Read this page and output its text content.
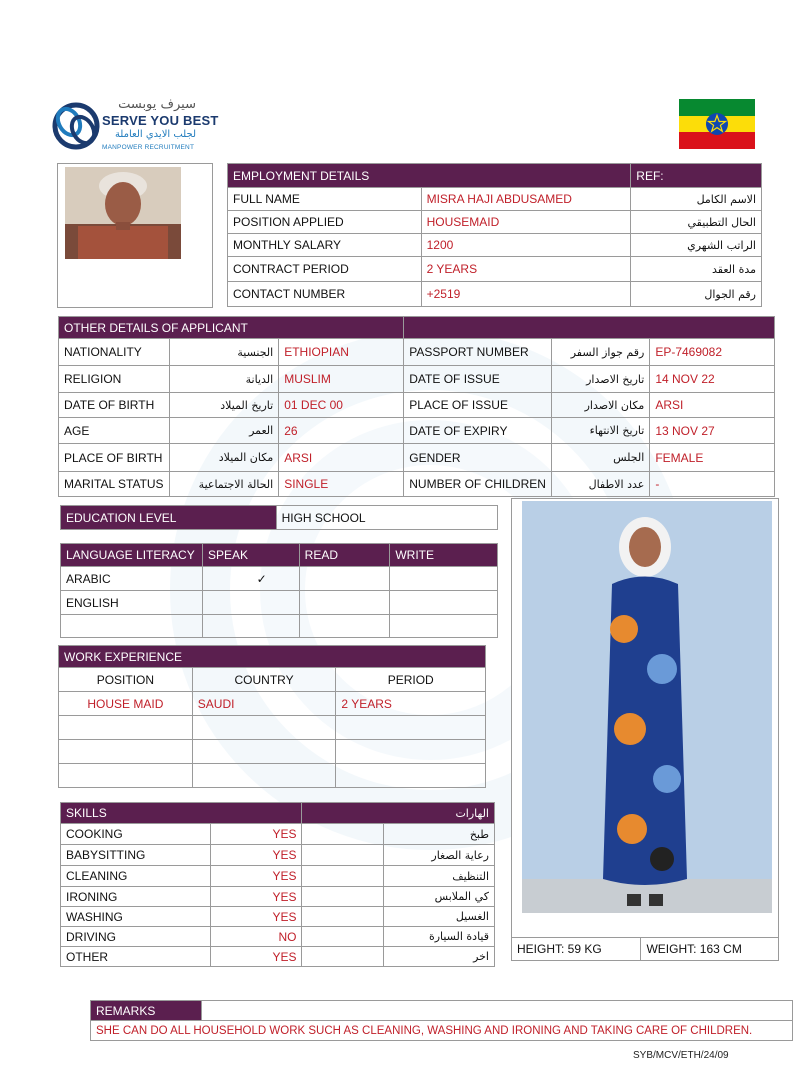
سيرف يوبست
SERVE YOU BEST
لجلب الايدي العاملة
MANPOWER RECRUITMENT
EMPLOYMENT DETAILS		REF:
FULL NAME	MISRA HAJI ABDUSAMED	الاسم الكامل
POSITION APPLIED	HOUSEMAID	الحال التطبيقي
MONTHLY SALARY	1200	الراتب الشهري
CONTRACT PERIOD	2 YEARS	مدة العقد
CONTACT NUMBER	+2519	رقم الجوال
OTHER DETAILS OF APPLICANT					
NATIONALITY	الجنسية	ETHIOPIAN	PASSPORT NUMBER	رقم جواز السفر	EP-7469082
RELIGION	الديانة	MUSLIM	DATE OF ISSUE	تاريخ الاصدار	14 NOV 22
DATE OF BIRTH	تاريخ الميلاد	01 DEC 00	PLACE OF ISSUE	مكان الاصدار	ARSI
AGE	العمر	26	DATE OF EXPIRY	تاريخ الانتهاء	13 NOV 27
PLACE OF BIRTH	مكان الميلاد	ARSI	GENDER	الجلس	FEMALE
MARITAL STATUS	الحالة الاجتماعية	SINGLE	NUMBER OF CHILDREN	عدد الاطفال	-
EDUCATION LEVEL	HIGH SCHOOL
LANGUAGE LITERACY	SPEAK	READ	WRITE
ARABIC	✓		
ENGLISH			

WORK EXPERIENCE		
POSITION	COUNTRY	PERIOD
HOUSE MAID	SAUDI	2 YEARS

SKILLS		الهارات	
COOKING	YES		طبخ
BABYSITTING	YES		رعاية الصغار
CLEANING	YES		التنظيف
IRONING	YES		كي الملابس
WASHING	YES		الغسيل
DRIVING	NO		قيادة السيارة
OTHER	YES		اخر
HEIGHT: 59 KG	WEIGHT: 163 CM
REMARKS	
SHE CAN DO ALL HOUSEHOLD WORK SUCH AS CLEANING, WASHING AND IRONING AND TAKING CARE OF CHILDREN.
SYB/MCV/ETH/24/09
